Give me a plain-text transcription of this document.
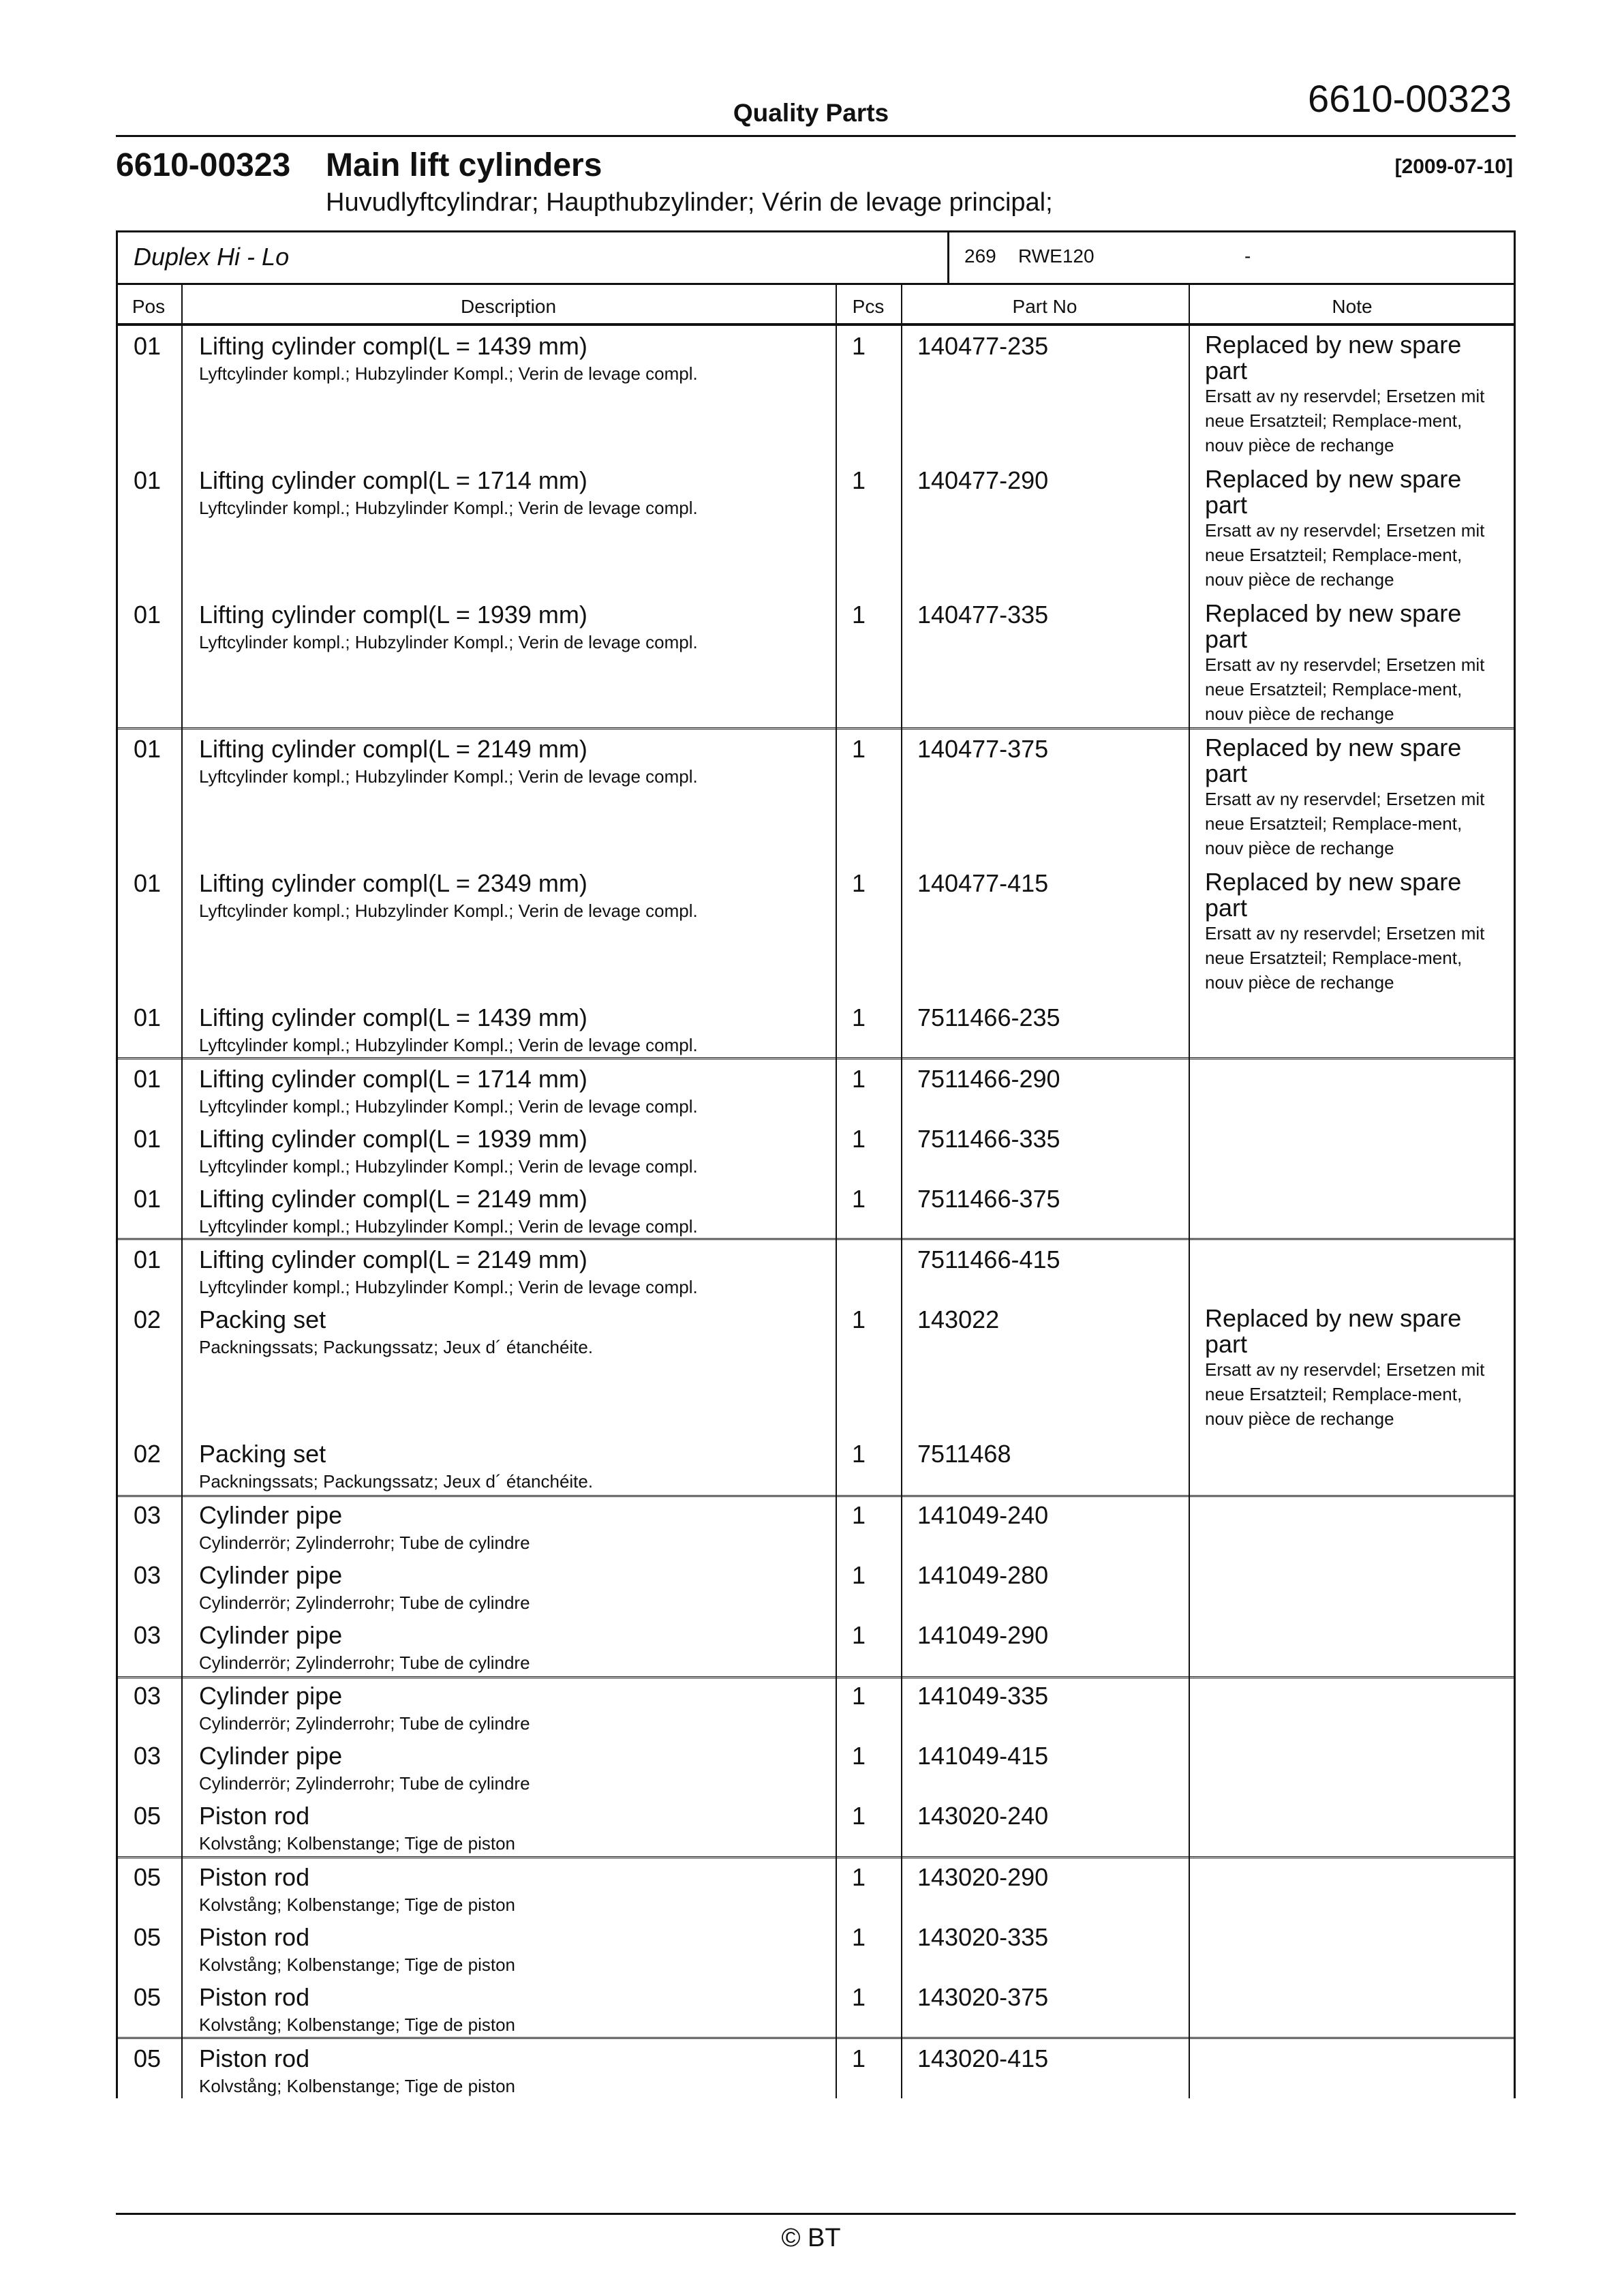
Quality Parts	6610-00323
6610-00323 Main lift cylinders	[2009-07-10]
Huvudlyftcylindrar; Haupthubzylinder; Vérin de levage principal;
Duplex Hi - Lo	269 RWE120	-
Pos	Description	Pcs	Part No	Note
01 Lifting cylinder compl(L = 1439 mm)
Lyftcylinder kompl.; Hubzylinder Kompl.; Verin de levage compl.
1 140477-235	Replaced by new spare part
Ersatt av ny reservdel; Ersetzen mit neue Ersatzteil; Remplace-ment, nouv pièce de rechange
01 Lifting cylinder compl(L = 1714 mm)
Lyftcylinder kompl.; Hubzylinder Kompl.; Verin de levage compl.
1 140477-290	Replaced by new spare part
Ersatt av ny reservdel; Ersetzen mit neue Ersatzteil; Remplace-ment, nouv pièce de rechange
01 Lifting cylinder compl(L = 1939 mm)
Lyftcylinder kompl.; Hubzylinder Kompl.; Verin de levage compl.
1 140477-335	Replaced by new spare part
Ersatt av ny reservdel; Ersetzen mit neue Ersatzteil; Remplace-ment, nouv pièce de rechange
01 Lifting cylinder compl(L = 2149 mm)
Lyftcylinder kompl.; Hubzylinder Kompl.; Verin de levage compl.
1 140477-375	Replaced by new spare part
Ersatt av ny reservdel; Ersetzen mit neue Ersatzteil; Remplace-ment, nouv pièce de rechange
01 Lifting cylinder compl(L = 2349 mm)
Lyftcylinder kompl.; Hubzylinder Kompl.; Verin de levage compl.
1 140477-415	Replaced by new spare part
Ersatt av ny reservdel; Ersetzen mit neue Ersatzteil; Remplace-ment, nouv pièce de rechange
01 Lifting cylinder compl(L = 1439 mm)
Lyftcylinder kompl.; Hubzylinder Kompl.; Verin de levage compl.
1 7511466-235
01 Lifting cylinder compl(L = 1714 mm)
Lyftcylinder kompl.; Hubzylinder Kompl.; Verin de levage compl.
1 7511466-290
01 Lifting cylinder compl(L = 1939 mm)
Lyftcylinder kompl.; Hubzylinder Kompl.; Verin de levage compl.
1 7511466-335
01 Lifting cylinder compl(L = 2149 mm)
Lyftcylinder kompl.; Hubzylinder Kompl.; Verin de levage compl.
1 7511466-375
01 Lifting cylinder compl(L = 2149 mm)
Lyftcylinder kompl.; Hubzylinder Kompl.; Verin de levage compl.
7511466-415
02 Packing set
Packningssats; Packungssatz; Jeux d´ étanchéite.
1 143022	Replaced by new spare part
Ersatt av ny reservdel; Ersetzen mit neue Ersatzteil; Remplace-ment, nouv pièce de rechange
02 Packing set
Packningssats; Packungssatz; Jeux d´ étanchéite.
1 7511468
03 Cylinder pipe
Cylinderrör; Zylinderrohr; Tube de cylindre
1 141049-240
03 Cylinder pipe
Cylinderrör; Zylinderrohr; Tube de cylindre
1 141049-280
03 Cylinder pipe
Cylinderrör; Zylinderrohr; Tube de cylindre
1 141049-290
03 Cylinder pipe
Cylinderrör; Zylinderrohr; Tube de cylindre
1 141049-335
03 Cylinder pipe
Cylinderrör; Zylinderrohr; Tube de cylindre
1 141049-415
05 Piston rod
Kolvstång; Kolbenstange; Tige de piston
1 143020-240
05 Piston rod
Kolvstång; Kolbenstange; Tige de piston
1 143020-290
05 Piston rod
Kolvstång; Kolbenstange; Tige de piston
1 143020-335
05 Piston rod
Kolvstång; Kolbenstange; Tige de piston
1 143020-375
05 Piston rod
Kolvstång; Kolbenstange; Tige de piston
1 143020-415
© BT
